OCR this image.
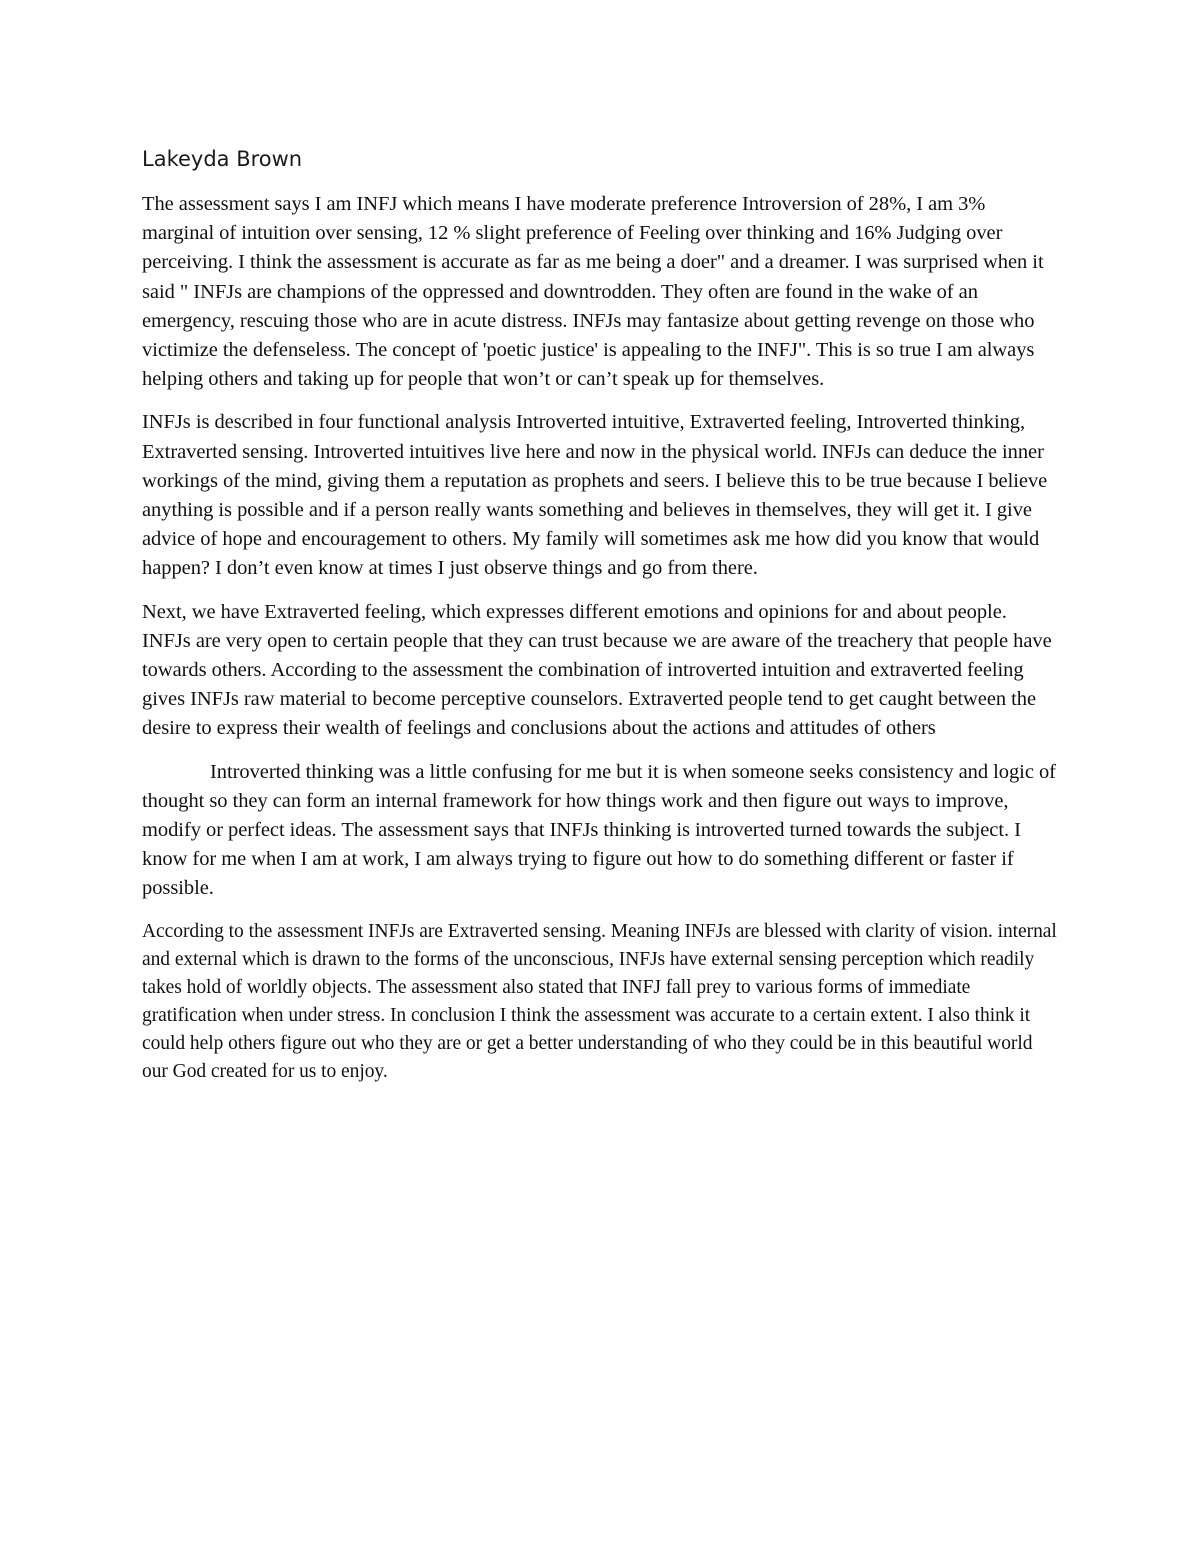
Lakeyda Brown

The assessment says I am INFJ which means I have moderate preference Introversion of 28%, I am 3% marginal of intuition over sensing, 12 % slight preference of Feeling over thinking and 16% Judging over perceiving. I think the assessment is accurate as far as me being a doer" and a dreamer. I was surprised when it said " INFJs are champions of the oppressed and downtrodden. They often are found in the wake of an emergency, rescuing those who are in acute distress. INFJs may fantasize about getting revenge on those who victimize the defenseless. The concept of 'poetic justice' is appealing to the INFJ". This is so true I am always helping others and taking up for people that won’t or can’t speak up for themselves.

INFJs is described in four functional analysis Introverted intuitive, Extraverted feeling, Introverted thinking, Extraverted sensing. Introverted intuitives live here and now in the physical world. INFJs can deduce the inner workings of the mind, giving them a reputation as prophets and seers. I believe this to be true because I believe anything is possible and if a person really wants something and believes in themselves, they will get it. I give advice of hope and encouragement to others. My family will sometimes ask me how did you know that would happen? I don’t even know at times I just observe things and go from there.

Next, we have Extraverted feeling, which expresses different emotions and opinions for and about people. INFJs are very open to certain people that they can trust because we are aware of the treachery that people have towards others. According to the assessment the combination of introverted intuition and extraverted feeling gives INFJs raw material to become perceptive counselors. Extraverted people tend to get caught between the desire to express their wealth of feelings and conclusions about the actions and attitudes of others

Introverted thinking was a little confusing for me but it is when someone seeks consistency and logic of thought so they can form an internal framework for how things work and then figure out ways to improve, modify or perfect ideas. The assessment says that INFJs thinking is introverted turned towards the subject. I know for me when I am at work, I am always trying to figure out how to do something different or faster if possible.

According to the assessment INFJs are Extraverted sensing. Meaning INFJs are blessed with clarity of vision. internal and external which is drawn to the forms of the unconscious, INFJs have external sensing perception which readily takes hold of worldly objects. The assessment also stated that INFJ fall prey to various forms of immediate gratification when under stress. In conclusion I think the assessment was accurate to a certain extent. I also think it could help others figure out who they are or get a better understanding of who they could be in this beautiful world our God created for us to enjoy.
